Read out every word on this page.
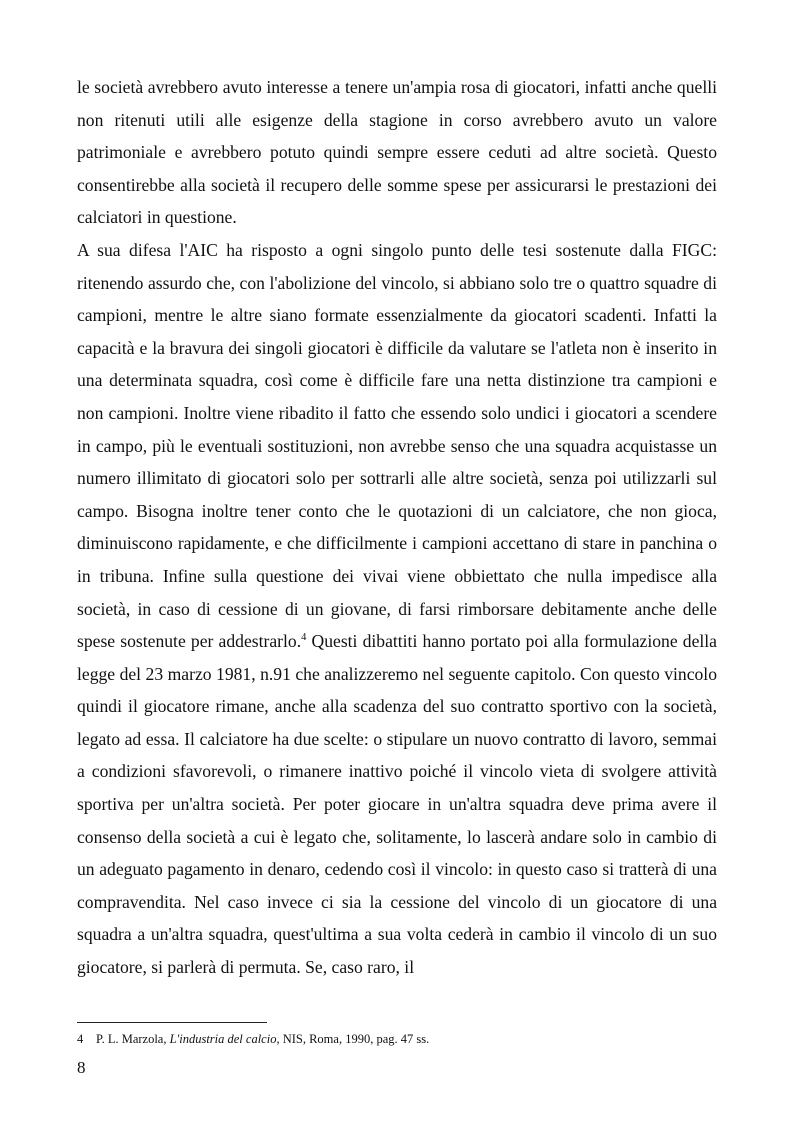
le società avrebbero avuto interesse a tenere un'ampia rosa di giocatori, infatti anche quelli non ritenuti utili alle esigenze della stagione in corso avrebbero avuto un valore patrimoniale e avrebbero potuto quindi sempre essere ceduti ad altre società. Questo consentirebbe alla società il recupero delle somme spese per assicurarsi le prestazioni dei calciatori in questione.

A sua difesa l'AIC ha risposto a ogni singolo punto delle tesi sostenute dalla FIGC: ritenendo assurdo che, con l'abolizione del vincolo, si abbiano solo tre o quattro squadre di campioni, mentre le altre siano formate essenzialmente da giocatori scadenti. Infatti la capacità e la bravura dei singoli giocatori è difficile da valutare se l'atleta non è inserito in una determinata squadra, così come è difficile fare una netta distinzione tra campioni e non campioni. Inoltre viene ribadito il fatto che essendo solo undici i giocatori a scendere in campo, più le eventuali sostituzioni, non avrebbe senso che una squadra acquistasse un numero illimitato di giocatori solo per sottrarli alle altre società, senza poi utilizzarli sul campo. Bisogna inoltre tener conto che le quotazioni di un calciatore, che non gioca, diminuiscono rapidamente, e che difficilmente i campioni accettano di stare in panchina o in tribuna. Infine sulla questione dei vivai viene obbiettato che nulla impedisce alla società, in caso di cessione di un giovane, di farsi rimborsare debitamente anche delle spese sostenute per addestrarlo.$^4$ Questi dibattiti hanno portato poi alla formulazione della legge del 23 marzo 1981, n.91 che analizzeremo nel seguente capitolo. Con questo vincolo quindi il giocatore rimane, anche alla scadenza del suo contratto sportivo con la società, legato ad essa. Il calciatore ha due scelte: o stipulare un nuovo contratto di lavoro, semmai a condizioni sfavorevoli, o rimanere inattivo poiché il vincolo vieta di svolgere attività sportiva per un'altra società. Per poter giocare in un'altra squadra deve prima avere il consenso della società a cui è legato che, solitamente, lo lascerà andare solo in cambio di un adeguato pagamento in denaro, cedendo così il vincolo: in questo caso si tratterà di una compravendita. Nel caso invece ci sia la cessione del vincolo di un giocatore di una squadra a un'altra squadra, quest'ultima a sua volta cederà in cambio il vincolo di un suo giocatore, si parlerà di permuta. Se, caso raro, il

4 P. L. Marzola, L'industria del calcio, NIS, Roma, 1990, pag. 47 ss.
8
